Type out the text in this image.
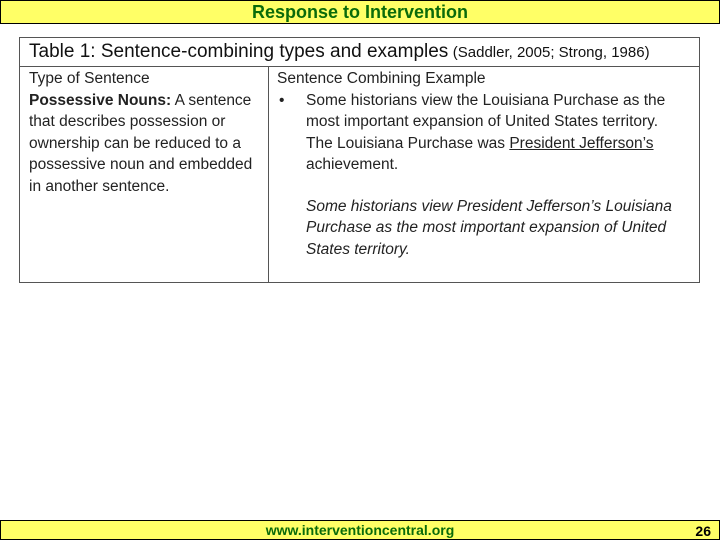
Response to Intervention
Table 1: Sentence-combining types and examples (Saddler, 2005; Strong, 1986)
Type of Sentence
Possessive Nouns: A sentence that describes possession or ownership can be reduced to a possessive noun and embedded in another sentence.
Sentence Combining Example
• Some historians view the Louisiana Purchase as the most important expansion of United States territory.
The Louisiana Purchase was President Jefferson’s achievement.
Some historians view President Jefferson’s Louisiana Purchase as the most important expansion of United States territory.
www.interventioncentral.org	26
